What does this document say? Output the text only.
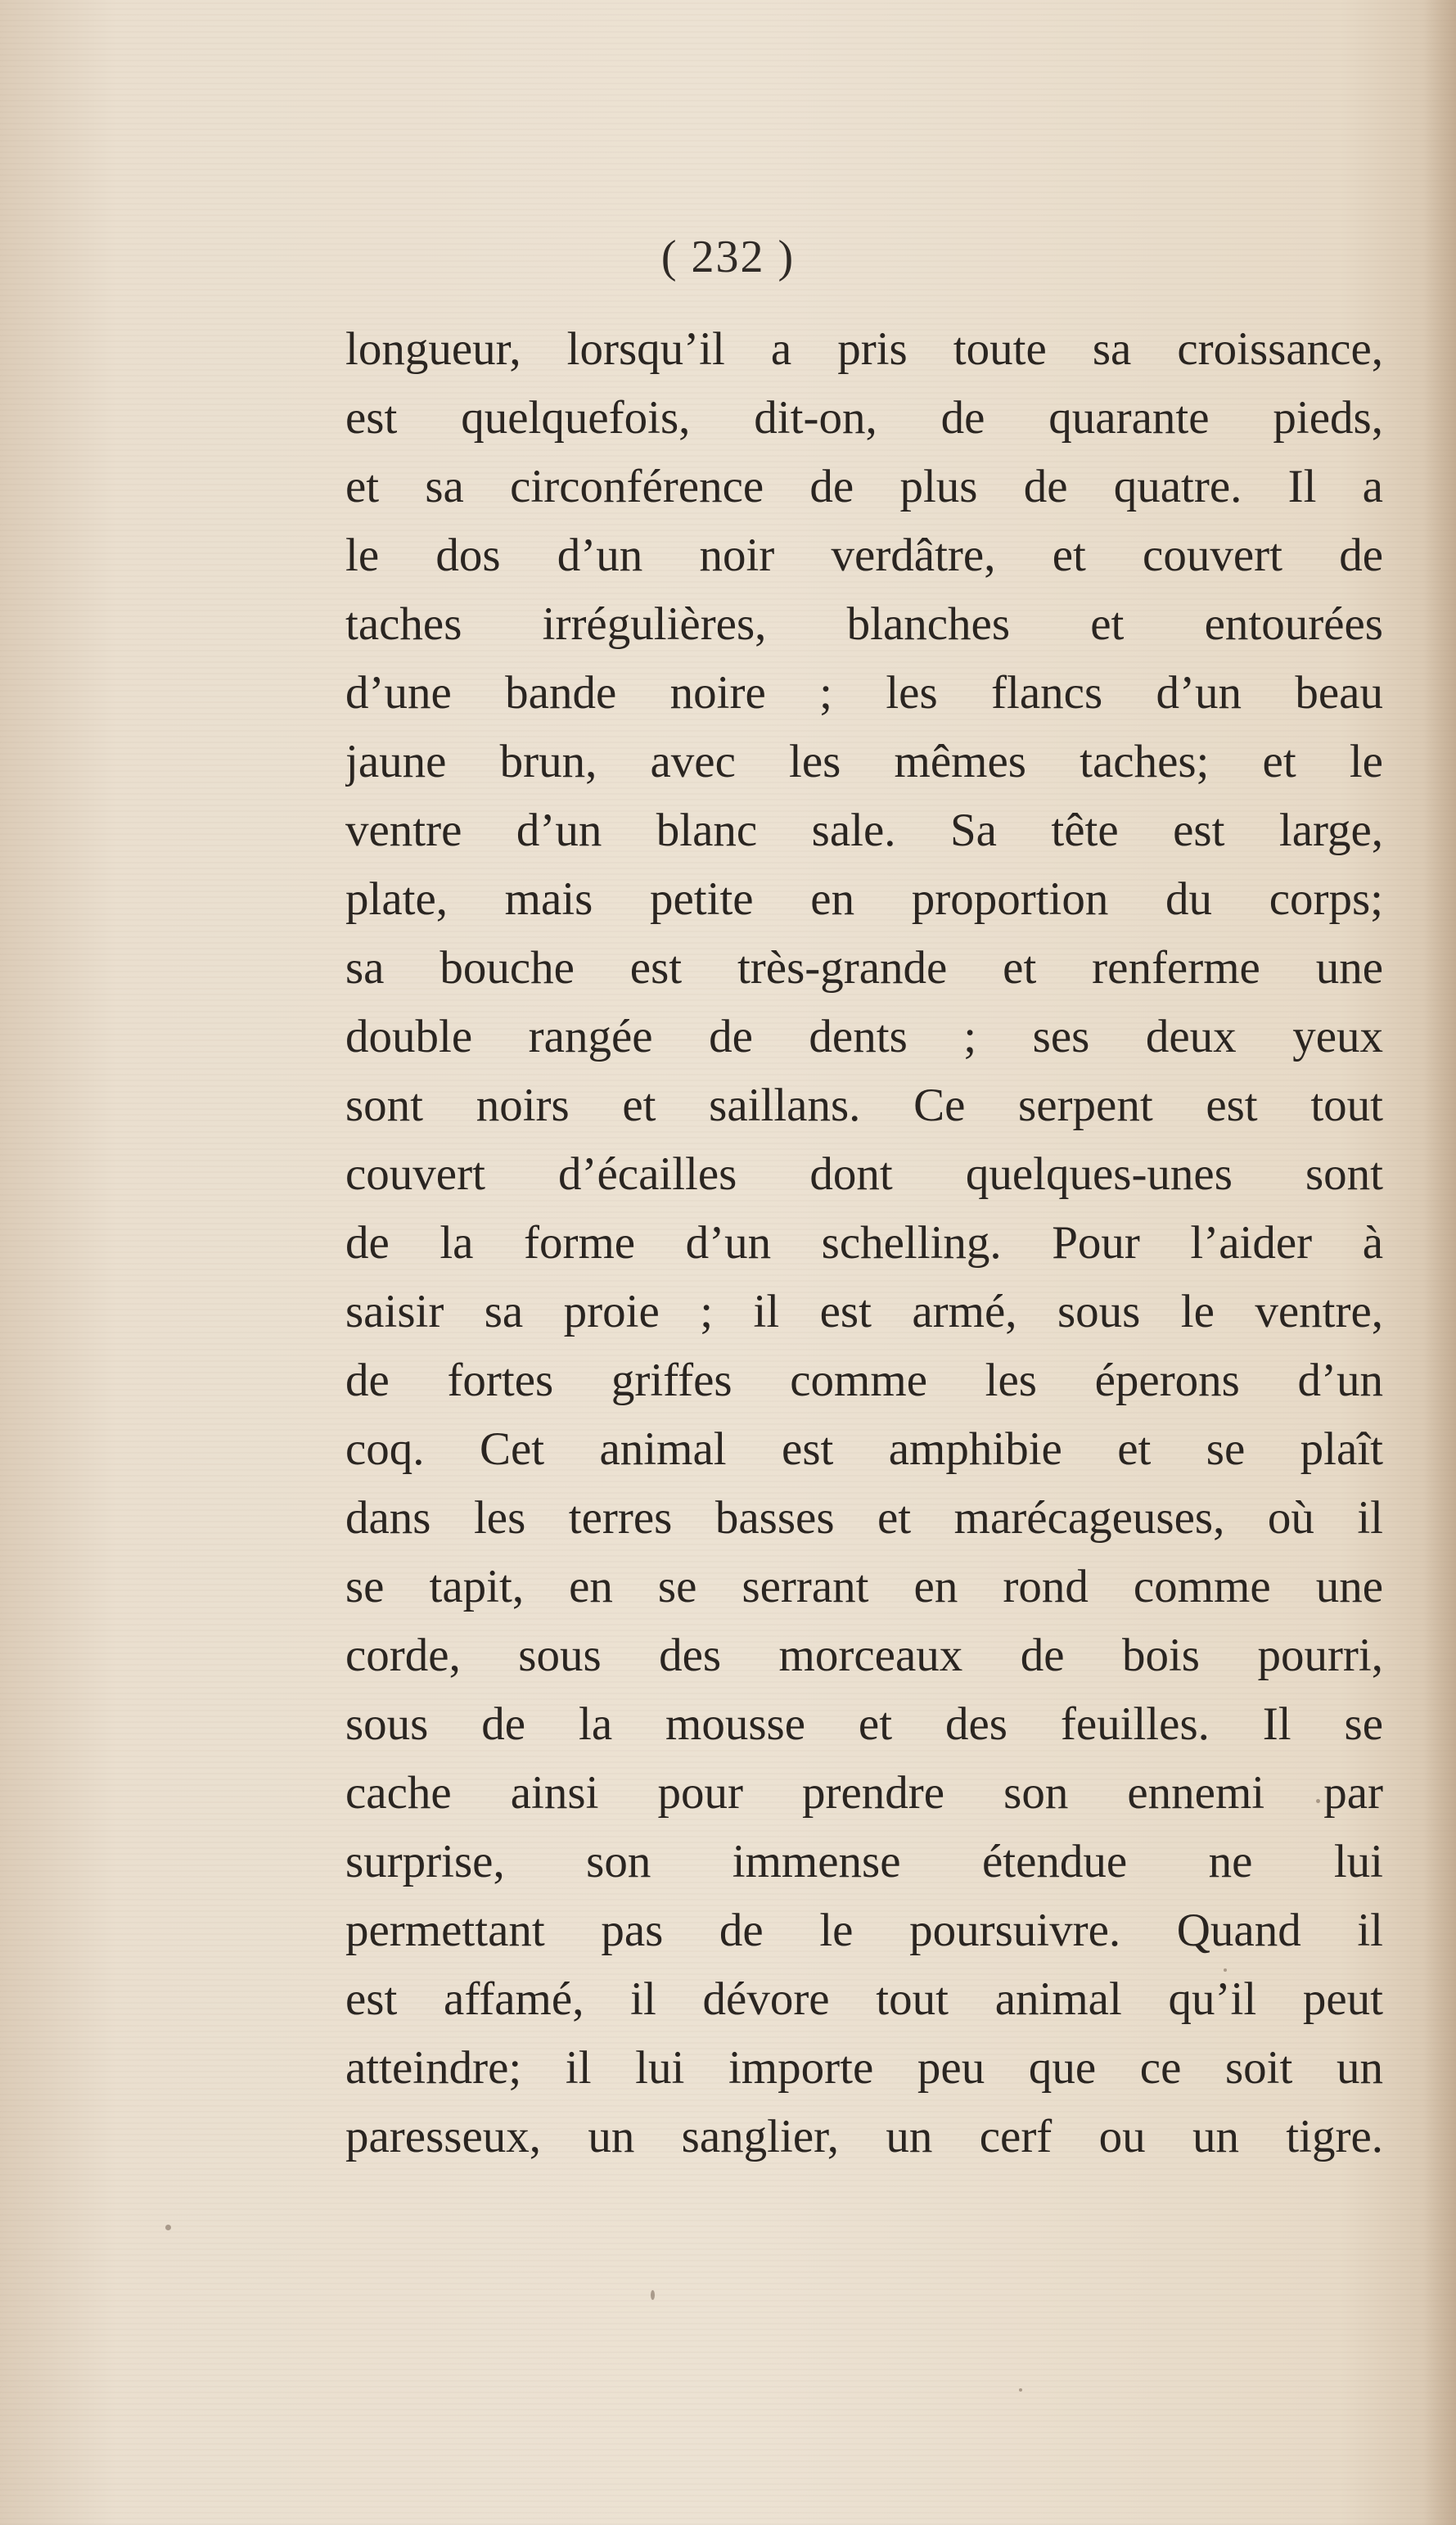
( 232 )
longueur, lorsqu’il a pris toute sa croissance,
est quelquefois, dit-on, de quarante pieds,
et sa circonférence de plus de quatre. Il a
le dos d’un noir verdâtre, et couvert de
taches irrégulières, blanches et entourées
d’une bande noire ; les flancs d’un beau
jaune brun, avec les mêmes taches; et le
ventre d’un blanc sale. Sa tête est large,
plate, mais petite en proportion du corps;
sa bouche est très-grande et renferme une
double rangée de dents ; ses deux yeux
sont noirs et saillans. Ce serpent est tout
couvert d’écailles dont quelques-unes sont
de la forme d’un schelling. Pour l’aider à
saisir sa proie ; il est armé, sous le ventre,
de fortes griffes comme les éperons d’un
coq. Cet animal est amphibie et se plaît
dans les terres basses et marécageuses, où il
se tapit, en se serrant en rond comme une
corde, sous des morceaux de bois pourri,
sous de la mousse et des feuilles. Il se
cache ainsi pour prendre son ennemi par
surprise, son immense étendue ne lui
permettant pas de le poursuivre. Quand il
est affamé, il dévore tout animal qu’il peut
atteindre; il lui importe peu que ce soit un
paresseux, un sanglier, un cerf ou un tigre.
